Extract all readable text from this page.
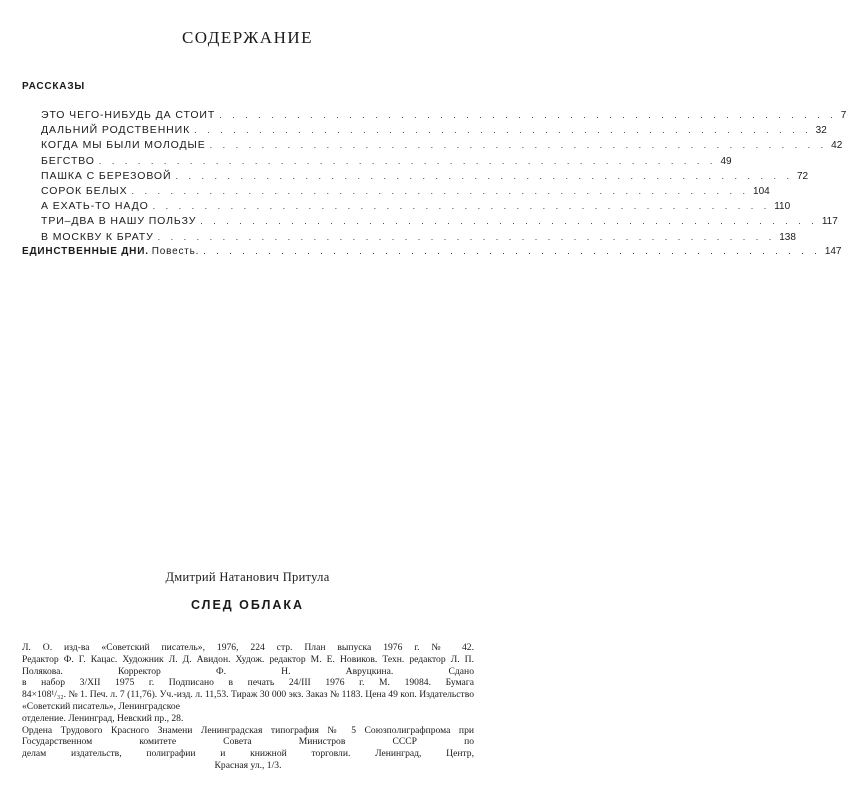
СОДЕРЖАНИЕ
РАССКАЗЫ
ЭТО ЧЕГО-НИБУДЬ ДА СТОИТ . . . . . . . . . . . . . . . . . . . . . . . . . . . . . . . . . . . . . . . . . . . . . . . . 7
ДАЛЬНИЙ РОДСТВЕННИК . . . . . . . . . . . . . . . . . . . . . . . . . . . . . . . . . . . . . . . . . . . . . . . . 32
КОГДА МЫ БЫЛИ МОЛОДЫЕ . . . . . . . . . . . . . . . . . . . . . . . . . . . . . . . . . . . . . . . . . . . . . . . . 42
БЕГСТВО . . . . . . . . . . . . . . . . . . . . . . . . . . . . . . . . . . . . . . . . . . . . . . . . 49
ПАШКА С БЕРЕЗОВОЙ . . . . . . . . . . . . . . . . . . . . . . . . . . . . . . . . . . . . . . . . . . . . . . . . 72
СОРОК БЕЛЫХ . . . . . . . . . . . . . . . . . . . . . . . . . . . . . . . . . . . . . . . . . . . . . . . . 104
А ЕХАТЬ-ТО НАДО . . . . . . . . . . . . . . . . . . . . . . . . . . . . . . . . . . . . . . . . . . . . . . . . 110
ТРИ–ДВА В НАШУ ПОЛЬЗУ . . . . . . . . . . . . . . . . . . . . . . . . . . . . . . . . . . . . . . . . . . . . . . . . 117
В МОСКВУ К БРАТУ . . . . . . . . . . . . . . . . . . . . . . . . . . . . . . . . . . . . . . . . . . . . . . . . 138
ЕДИНСТВЕННЫЕ ДНИ. Повесть. . . . . . . . . . . . . . . . . . . . . . . . . . . . . . . . . . . . . . . . . . . . . . . . . 147
Дмитрий Натанович Притула
СЛЕД ОБЛАКА
Л. О. изд-ва «Советский писатель», 1976, 224 стр. План выпуска 1976 г. № 42.
Редактор Ф. Г. Кацас. Художник Л. Д. Авидон. Худож. редактор М. Е. Новиков. Техн. редактор Л. П. Полякова. Корректор Ф. Н. Авруцкина. Сдано
в набор 3/XII 1975 г. Подписано в печать 24/III 1976 г. М. 19084. Бумага
84×108¹/₃₂. № 1. Печ. л. 7 (11,76). Уч.-изд. л. 11,53. Тираж 30 000 экз. Заказ № 1183. Цена 49 коп. Издательство «Советский писатель», Ленинградское
отделение. Ленинград, Невский пр., 28.
Ордена Трудового Красного Знамени Ленинградская типография № 5 Союзполиграфпрома при Государственном комитете Совета Министров СССР по
делам издательств, полиграфии и книжной торговли. Ленинград, Центр,
Красная ул., 1/3.
